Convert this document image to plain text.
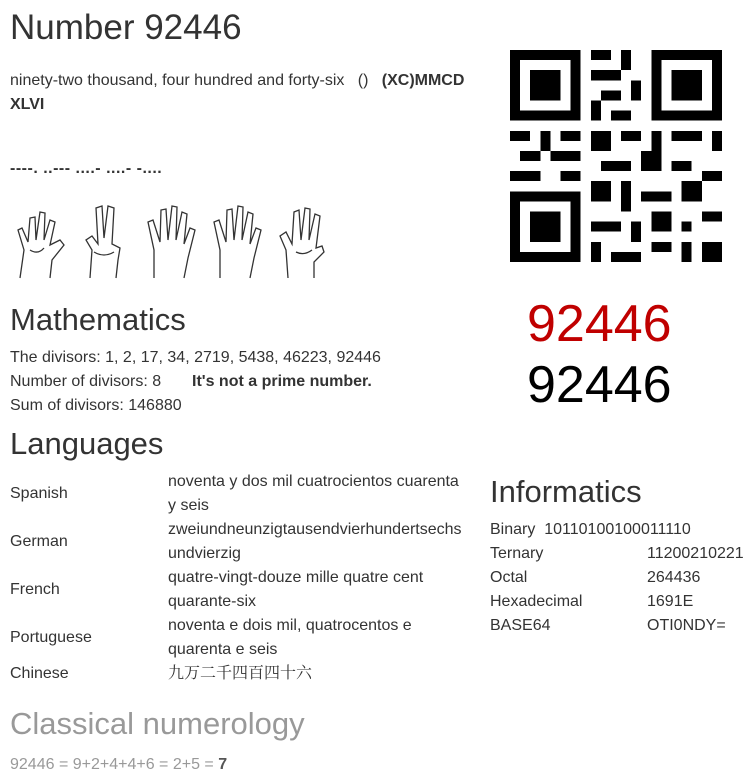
Number 92446
ninety-two thousand, four hundred and forty-six () (XC)MMCD XLVI
----. ..--- ....- ....- -....
Mathematics
The divisors: 1, 2, 17, 34, 2719, 5438, 46223, 92446
Number of divisors: 8 It's not a prime number.
Sum of divisors: 146880
Languages
Spanish	noventa y dos mil cuatrocientos cuarenta y seis
German	zweiundneunzigtausendvierhundertsechs undvierzig
French	quatre-vingt-douze mille quatre cent quarante-six
Portuguese	noventa e dois mil, quatrocentos e quarenta e seis
Chinese	九万二千四百四十六
92446
92446
Informatics
Binary 10110100100011110
Ternary	11200210221
Octal	264436
Hexadecimal	1691E
BASE64	OTI0NDY=
Classical numerology
92446 = 9+2+4+4+6 = 2+5 = 7
